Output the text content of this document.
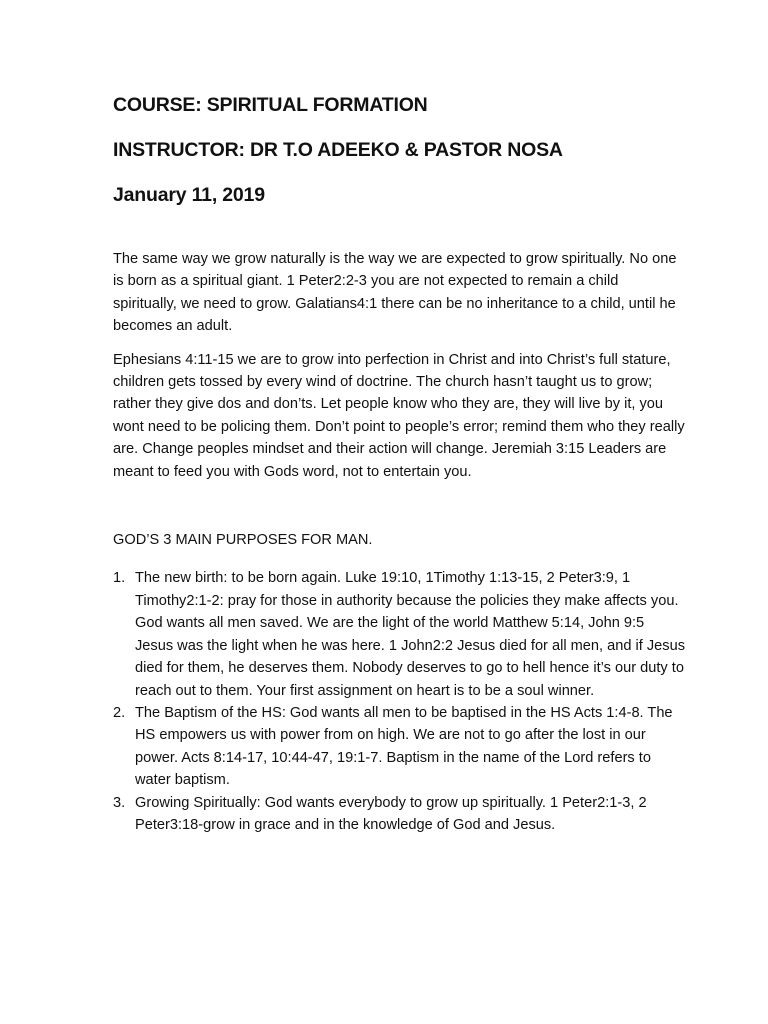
COURSE: SPIRITUAL FORMATION
INSTRUCTOR: DR T.O ADEEKO & PASTOR NOSA
January 11, 2019

The same way we grow naturally is the way we are expected to grow spiritually. No one is born as a spiritual giant. 1 Peter2:2-3 you are not expected to remain a child spiritually, we need to grow. Galatians4:1 there can be no inheritance to a child, until he becomes an adult.

Ephesians 4:11-15 we are to grow into perfection in Christ and into Christ’s full stature, children gets tossed by every wind of doctrine. The church hasn’t taught us to grow; rather they give dos and don’ts. Let people know who they are, they will live by it, you wont need to be policing them. Don’t point to people’s error; remind them who they really are. Change peoples mindset and their action will change. Jeremiah 3:15 Leaders are meant to feed you with Gods word, not to entertain you.

GOD’S 3 MAIN PURPOSES FOR MAN.

1. The new birth: to be born again. Luke 19:10, 1Timothy 1:13-15, 2 Peter3:9, 1 Timothy2:1-2: pray for those in authority because the policies they make affects you. God wants all men saved. We are the light of the world Matthew 5:14, John 9:5 Jesus was the light when he was here. 1 John2:2 Jesus died for all men, and if Jesus died for them, he deserves them. Nobody deserves to go to hell hence it’s our duty to reach out to them. Your first assignment on heart is to be a soul winner.
2. The Baptism of the HS: God wants all men to be baptised in the HS Acts 1:4-8. The HS empowers us with power from on high. We are not to go after the lost in our power. Acts 8:14-17, 10:44-47, 19:1-7. Baptism in the name of the Lord refers to water baptism.
3. Growing Spiritually: God wants everybody to grow up spiritually. 1 Peter2:1-3, 2 Peter3:18-grow in grace and in the knowledge of God and Jesus.
